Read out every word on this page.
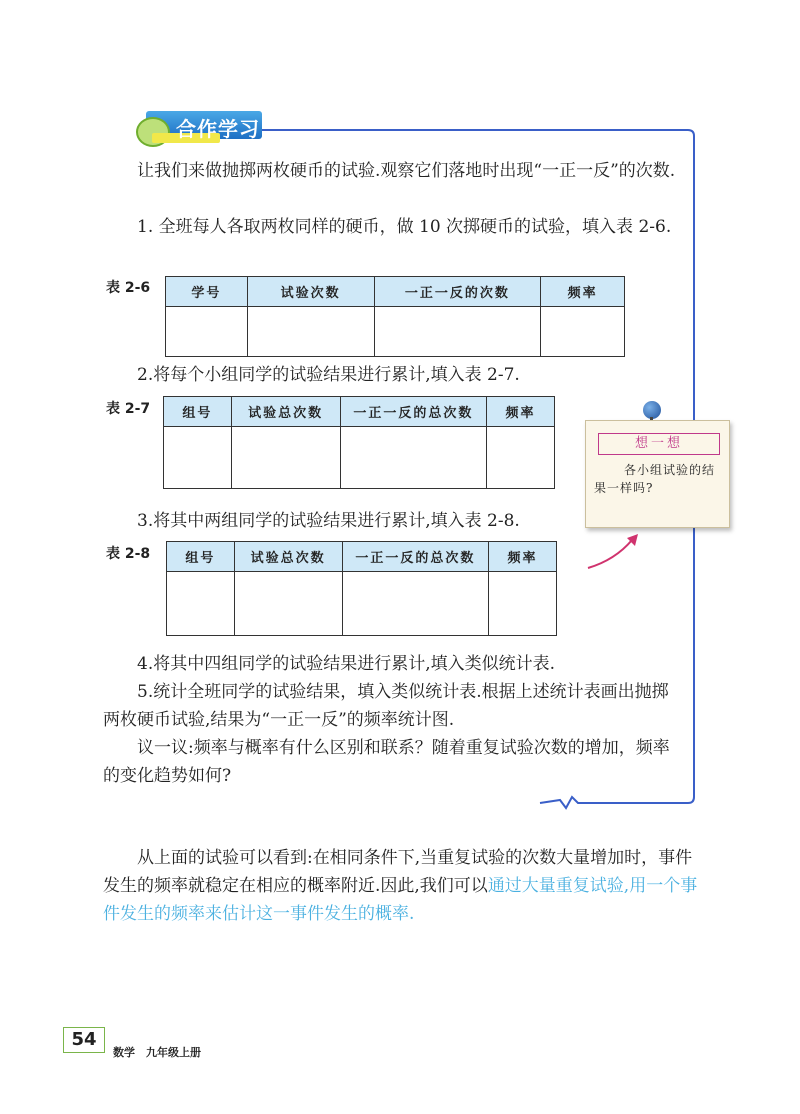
合作学习

让我们来做抛掷两枚硬币的试验.观察它们落地时出现“一正一反”的次数.

1. 全班每人各取两枚同样的硬币，做 10 次掷硬币的试验，填入表 2-6.

表 2-6	学号	试验次数	一正一反的次数	频率

2.将每个小组同学的试验结果进行累计,填入表 2-7.

表 2-7 组号	试验总次数	一正一反的总次数	频率

想一想
各小组试验的结果一样吗?

3.将其中两组同学的试验结果进行累计,填入表 2-8.

表 2-8	组号	试验总次数	一正一反的总次数	频率

4.将其中四组同学的试验结果进行累计,填入类似统计表.

5.统计全班同学的试验结果，填入类似统计表.根据上述统计表画出抛掷两枚硬币试验,结果为“一正一反”的频率统计图.

议一议:频率与概率有什么区别和联系？随着重复试验次数的增加，频率的变化趋势如何?

从上面的试验可以看到:在相同条件下,当重复试验的次数大量增加时，事件发生的频率就稳定在相应的概率附近.因此,我们可以通过大量重复试验,用一个事件发生的频率来估计这一事件发生的概率.

54
数学　九年级上册
